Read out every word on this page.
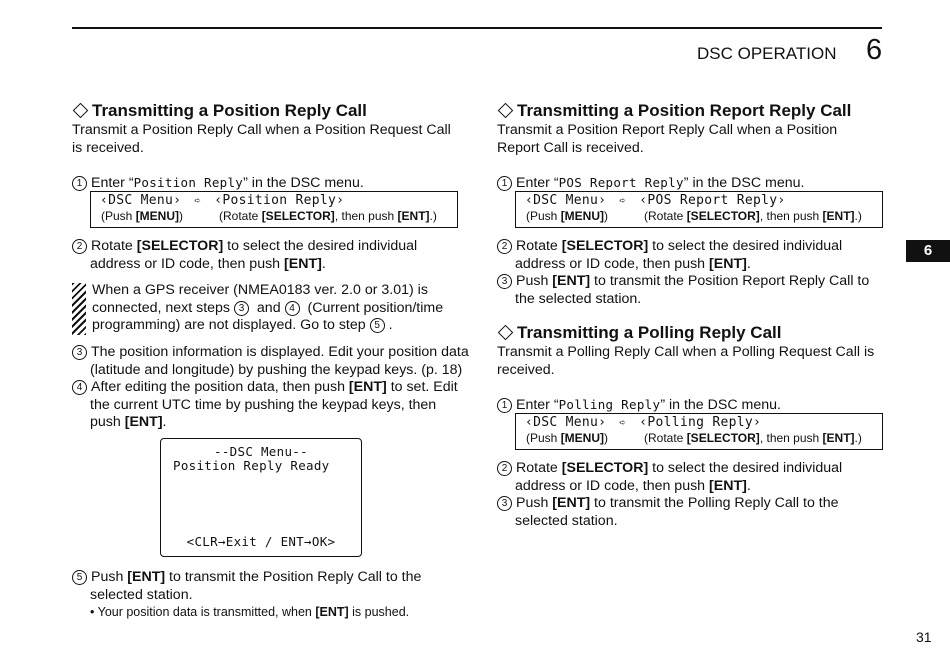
DSC OPERATION 6
6
31
Transmitting a Position Reply Call
Transmit a Position Reply Call when a Position Request Call
is received.
1 Enter “Position Reply” in the DSC menu.
‹DSC Menu› ➪ ‹Position Reply›
(Push [MENU])	(Rotate [SELECTOR], then push [ENT].)
2 Rotate [SELECTOR] to select the desired individual
address or ID code, then push [ENT].
When a GPS receiver (NMEA0183 ver. 2.0 or 3.01) is
connected, next steps 3 and 4 (Current position/time
programming) are not displayed. Go to step 5 .
3 The position information is displayed. Edit your position data
(latitude and longitude) by pushing the keypad keys. (p. 18)
4 After editing the position data, then push [ENT] to set. Edit
the current UTC time by pushing the keypad keys, then
push [ENT].
--DSC Menu--
Position Reply Ready
<CLR→Exit / ENT→OK>
5 Push [ENT] to transmit the Position Reply Call to the
selected station.
• Your position data is transmitted, when [ENT] is pushed.
Transmitting a Position Report Reply Call
Transmit a Position Report Reply Call when a Position
Report Call is received.
1 Enter “POS Report Reply” in the DSC menu.
‹DSC Menu› ➪ ‹POS Report Reply›
(Push [MENU])	(Rotate [SELECTOR], then push [ENT].)
2 Rotate [SELECTOR] to select the desired individual
address or ID code, then push [ENT].
3 Push [ENT] to transmit the Position Report Reply Call to
the selected station.
Transmitting a Polling Reply Call
Transmit a Polling Reply Call when a Polling Request Call is
received.
1 Enter “Polling Reply” in the DSC menu.
‹DSC Menu› ➪ ‹Polling Reply›
(Push [MENU])	(Rotate [SELECTOR], then push [ENT].)
2 Rotate [SELECTOR] to select the desired individual
address or ID code, then push [ENT].
3 Push [ENT] to transmit the Polling Reply Call to the
selected station.
